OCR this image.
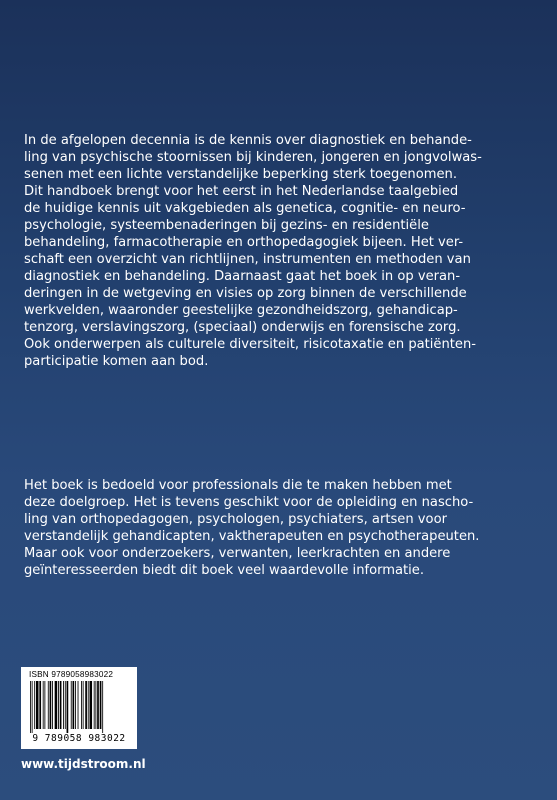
In de afgelopen decennia is de kennis over diagnostiek en behande-
ling van psychische stoornissen bij kinderen, jongeren en jongvolwas-
senen met een lichte verstandelijke beperking sterk toegenomen.
Dit handboek brengt voor het eerst in het Nederlandse taalgebied
de huidige kennis uit vakgebieden als genetica, cognitie- en neuro-
psychologie, systeembenaderingen bij gezins- en residentiële
behandeling, farmacotherapie en orthopedagogiek bijeen. Het ver-
schaft een overzicht van richtlijnen, instrumenten en methoden van
diagnostiek en behandeling. Daarnaast gaat het boek in op veran-
deringen in de wetgeving en visies op zorg binnen de verschillende
werkvelden, waaronder geestelijke gezondheidszorg, gehandicap-
tenzorg, verslavingszorg, (speciaal) onderwijs en forensische zorg.
Ook onderwerpen als culturele diversiteit, risicotaxatie en patiënten-
participatie komen aan bod.

Het boek is bedoeld voor professionals die te maken hebben met
deze doelgroep. Het is tevens geschikt voor de opleiding en nascho-
ling van orthopedagogen, psychologen, psychiaters, artsen voor
verstandelijk gehandicapten, vaktherapeuten en psychotherapeuten.
Maar ook voor onderzoekers, verwanten, leerkrachten en andere
geïnteresseerden biedt dit boek veel waardevolle informatie.

ISBN 9789058983022
9 789058 983022
www.tijdstroom.nl
